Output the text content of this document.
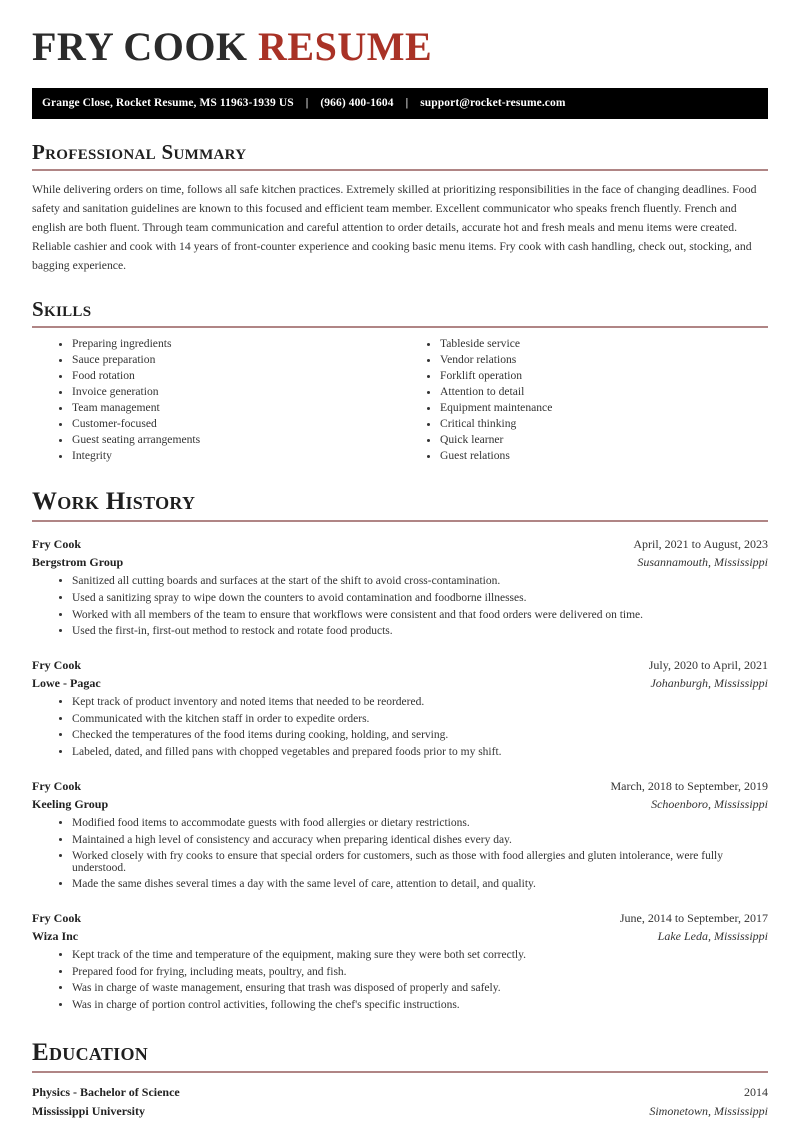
FRY COOK RESUME
Grange Close, Rocket Resume, MS 11963-1939 US | (966) 400-1604 | support@rocket-resume.com
Professional Summary

While delivering orders on time, follows all safe kitchen practices. Extremely skilled at prioritizing responsibilities in the face of changing deadlines. Food safety and sanitation guidelines are known to this focused and efficient team member. Excellent communicator who speaks french fluently. French and english are both fluent. Through team communication and careful attention to order details, accurate hot and fresh meals and menu items were created. Reliable cashier and cook with 14 years of front-counter experience and cooking basic menu items. Fry cook with cash handling, check out, stocking, and bagging experience.

Skills
• Preparing ingredients
• Sauce preparation
• Food rotation
• Invoice generation
• Team management
• Customer-focused
• Guest seating arrangements
• Integrity
• Tableside service
• Vendor relations
• Forklift operation
• Attention to detail
• Equipment maintenance
• Critical thinking
• Quick learner
• Guest relations
Work History
Fry Cook	April, 2021 to August, 2023
Bergstrom Group	Susannamouth, Mississippi
• Sanitized all cutting boards and surfaces at the start of the shift to avoid cross-contamination.
• Used a sanitizing spray to wipe down the counters to avoid contamination and foodborne illnesses.
• Worked with all members of the team to ensure that workflows were consistent and that food orders were delivered on time.
• Used the first-in, first-out method to restock and rotate food products.
Fry Cook	July, 2020 to April, 2021
Lowe - Pagac	Johanburgh, Mississippi
• Kept track of product inventory and noted items that needed to be reordered.
• Communicated with the kitchen staff in order to expedite orders.
• Checked the temperatures of the food items during cooking, holding, and serving.
• Labeled, dated, and filled pans with chopped vegetables and prepared foods prior to my shift.
Fry Cook	March, 2018 to September, 2019
Keeling Group	Schoenboro, Mississippi
• Modified food items to accommodate guests with food allergies or dietary restrictions.
• Maintained a high level of consistency and accuracy when preparing identical dishes every day.
• Worked closely with fry cooks to ensure that special orders for customers, such as those with food allergies and gluten intolerance, were fully understood.
• Made the same dishes several times a day with the same level of care, attention to detail, and quality.
Fry Cook	June, 2014 to September, 2017
Wiza Inc	Lake Leda, Mississippi
• Kept track of the time and temperature of the equipment, making sure they were both set correctly.
• Prepared food for frying, including meats, poultry, and fish.
• Was in charge of waste management, ensuring that trash was disposed of properly and safely.
• Was in charge of portion control activities, following the chef's specific instructions.
Education
Physics - Bachelor of Science	2014
Mississippi University	Simonetown, Mississippi
